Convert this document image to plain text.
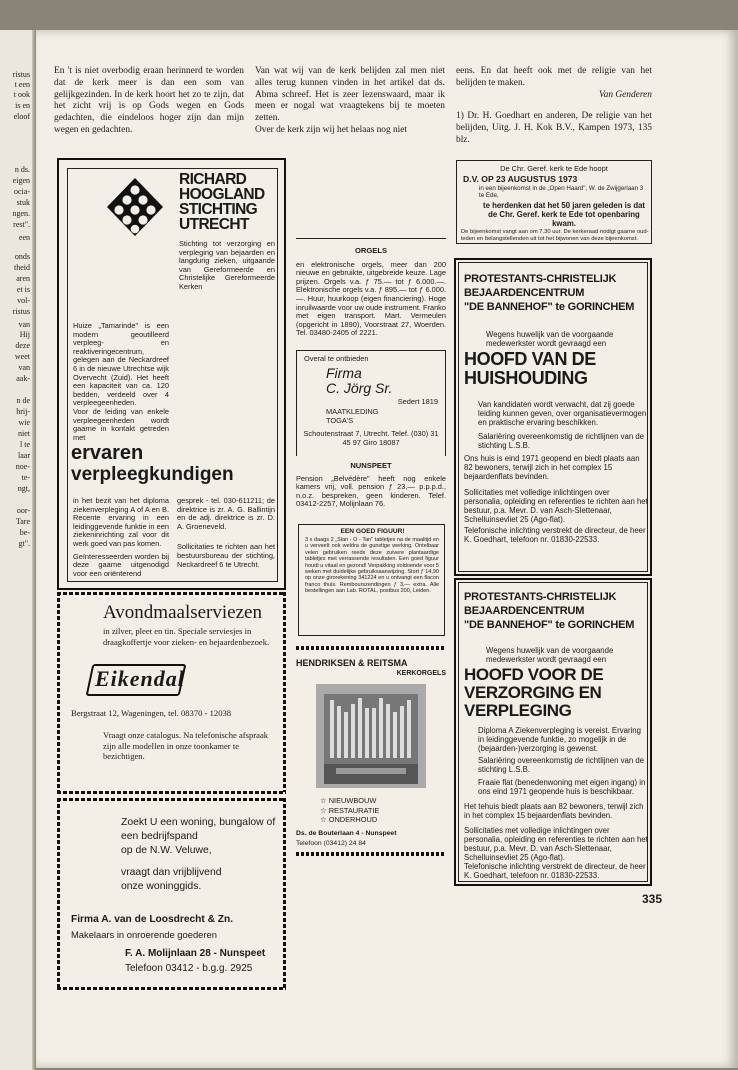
ristus

t een

t ook

is en

eloof

n ds.

eigen

ocia-

stuk

ngen.

rest".

een

onds

theid

aren

et is

vol-

ristus

van

Hij

deze

weet

van

aak-

n de

hrij-

wie

niet

l te

laar

noe-

te-

ngt,

oor-

Tare

be-

gt".

En 't is niet overbodig eraan herinnerd te worden dat de kerk meer is dan een som van gelijkgezinden. In de kerk hoort het zo te zijn, dat het zicht vrij is op Gods wegen en Gods gedachten, die eindeloos hoger zijn dan mijn wegen en gedachten.

Van wat wij van de kerk belijden zal men niet alles terug kunnen vinden in het artikel dat ds. Abma schreef. Het is zeer lezenswaard, maar ik meen er nogal wat vraagtekens bij te moeten zetten.

Over de kerk zijn wij het helaas nog niet

eens. En dat heeft ook met de religie van het belijden te maken.

Van Genderen

1) Dr. H. Goedhart en anderen, De religie van het belijden, Uitg. J. H. Kok B.V., Kampen 1973, 135 blz.

RICHARD
HOOGLAND
STICHTING
UTRECHT
Stichting tot verzorging en verpleging van bejaarden en langdurig zieken, uitgaande van Gereformeerde en Christelijke Gereformeerde Kerken
Huize „Tamarinde" is een modern geoutilleerd verpleeg- en reaktiveringecentrum, gelegen aan de Neckardreef 6 in de nieuwe Utrechtse wijk Overvecht (Zuid). Het heeft een kapaciteit van ca. 120 bedden, verdeeld over 4 verpleegeenheden.
Voor de leiding van enkele verpleegeenheden wordt gaarne in kontakt getreden met
ervaren
verpleegkundigen
in het bezit van het diploma ziekenverpleging A of A en B. Recente ervaring in een leidinggevende funktie in een ziekeninrichting zal voor dit werk goed van pas komen.
Geïnteresseerden worden bij deze gaarne uitgenodigd voor een oriënterend
gesprek - tel. 030-611211; de direktrice is zr. A. G. Ballintijn en de adj. direktrice is zr. D. A. Groeneveld.
Sollicitaties te richten aan het bestuursbureau der stichting, Neckardreef 6 te Utrecht.
Avondmaalserviezen
in zilver, pleet en tin. Speciale serviesjes in draagkoffertje voor zieken- en bejaardenbezoek.
Eikendal
Bergstraat 12, Wageningen, tel. 08370 - 12038
Vraagt onze catalogus. Na telefonische afspraak zijn alle modellen in onze toonkamer te bezichtigen.
Zoekt U een woning, bungalow of
een bedrijfspand
op de N.W. Veluwe,
vraagt dan vrijblijvend
onze woninggids.
Firma A. van de Loosdrecht & Zn.
Makelaars in onroerende goederen
F. A. Molijnlaan 28 - Nunspeet
Telefoon 03412 - b.g.g. 2925
ORGELS
en elektronische orgels, meer dan 200 nieuwe en gebruikte, uitgebreide keuze. Lage prijzen. Orgels v.a. ƒ 75.— tot ƒ 6.000.—. Elektronische orgels v.a. ƒ 895.— tot ƒ 6.000.—. Huur, huurkoop (eigen financiering). Hoge inruilwaarde voor uw oude instrument. Franko met eigen transport. Mart. Vermeulen (opgericht in 1890), Voorstraat 27, Woerden. Tel. 03480-2405 of 2221.
Overal te ontbieden
Firma
C. Jörg Sr.
Sedert 1819
MAATKLEDING
TOGA'S
Schoutenstraat 7, Utrecht. Telef. (030) 31 45 97 Giro 18087
NUNSPEET
Pension „Belvédère" heeft nog enkele kamers vrij, voll. pension ƒ 23,— p.p.p.d., n.o.z. bespreken, geen kinderen. Telef. 03412-2257, Molijnlaan 76.
EEN GOED FIGUUR!
3 x daags 2 „Slan - O - Tan" tabletjes na de maaltijd en u verveelt ook weldra de gunstige werking. Ontelbaar velen gebruiken reeds deze zuivere plantaardige tabletjes met verrassende resultaten. Een goed figuur houdt u vitaal en gezond! Verpakking voldoende voor 5 weken met duidelijke gebruiksaanwijzing. Stort ƒ 14,90 op onze girorekening 341224 en u ontvangt een flacon franco thuis. Rembourszendingen ƒ 3,— extra. Alle bestellingen aan Lab. ROTAL, postbus 200, Leiden.
HENDRIKSEN & REITSMA
KERKORGELS
☆ NIEUWBOUW
☆ RESTAURATIE
☆ ONDERHOUD
Ds. de Bouterlaan 4 - Nunspeet
Telefoon (03412) 24 84
De Chr. Geref. kerk te Ede hoopt
D.V. OP 23 AUGUSTUS 1973
in een bijeenkomst in de „Open Haard", W. de Zwijgerlaan 3 te Ede,
te herdenken dat het 50 jaren geleden is dat de Chr. Geref. kerk te Ede tot openbaring kwam.
De bijeenkomst vangt aan om 7.30 uur. De kerkeraad nodigt gaarne oud-leden en belangstellenden uit tot het bijwonen van deze bijeenkomst.
PROTESTANTS-CHRISTELIJK
BEJAARDENCENTRUM
"DE BANNEHOF" te GORINCHEM
Wegens huwelijk van de voorgaande medewerkster wordt gevraagd een
HOOFD VAN DE HUISHOUDING
Van kandidaten wordt verwacht, dat zij goede leiding kunnen geven, over organisatievermogen en praktische ervaring beschikken.
Salariëring overeenkomstig de richtlijnen van de stichting L.S.B.
Ons huis is eind 1971 geopend en biedt plaats aan 82 bewoners, terwijl zich in het complex 15 bejaardenflats bevinden.
Sollicitaties met volledige inlichtingen over personalia, opleiding en referenties te richten aan het bestuur, p.a. Mevr. D. van Asch-Slettenaar, Schelluinsevliet 25 (Ago-flat).
Telefonische inlichting verstrekt de directeur, de heer K. Goedhart, telefoon nr. 01830-22533.
PROTESTANTS-CHRISTELIJK
BEJAARDENCENTRUM
"DE BANNEHOF" te GORINCHEM
Wegens huwelijk van de voorgaande medewerkster wordt gevraagd een
HOOFD VOOR DE VERZORGING EN VERPLEGING
Diploma A Ziekenverpleging is vereist. Ervaring in leidinggevende funktie, zo mogelijk in de (bejaarden-)verzorging is gewenst.
Salariëring overeenkomstig de richtlijnen van de stichting L.S.B.
Fraaie flat (benedenwoning met eigen ingang) in ons eind 1971 geopende huis is beschikbaar.
Het tehuis biedt plaats aan 82 bewoners, terwijl zich in het complex 15 bejaardenflats bevinden.
Sollicitaties met volledige inlichtingen over personalia, opleiding en referenties te richten aan het bestuur, p.a. Mevr. D. van Asch-Slettenaar, Schelluinsevliet 25 (Ago-flat).
Telefonische inlichting verstrekt de directeur, de heer K. Goedhart, telefoon nr. 01830-22533.
335
